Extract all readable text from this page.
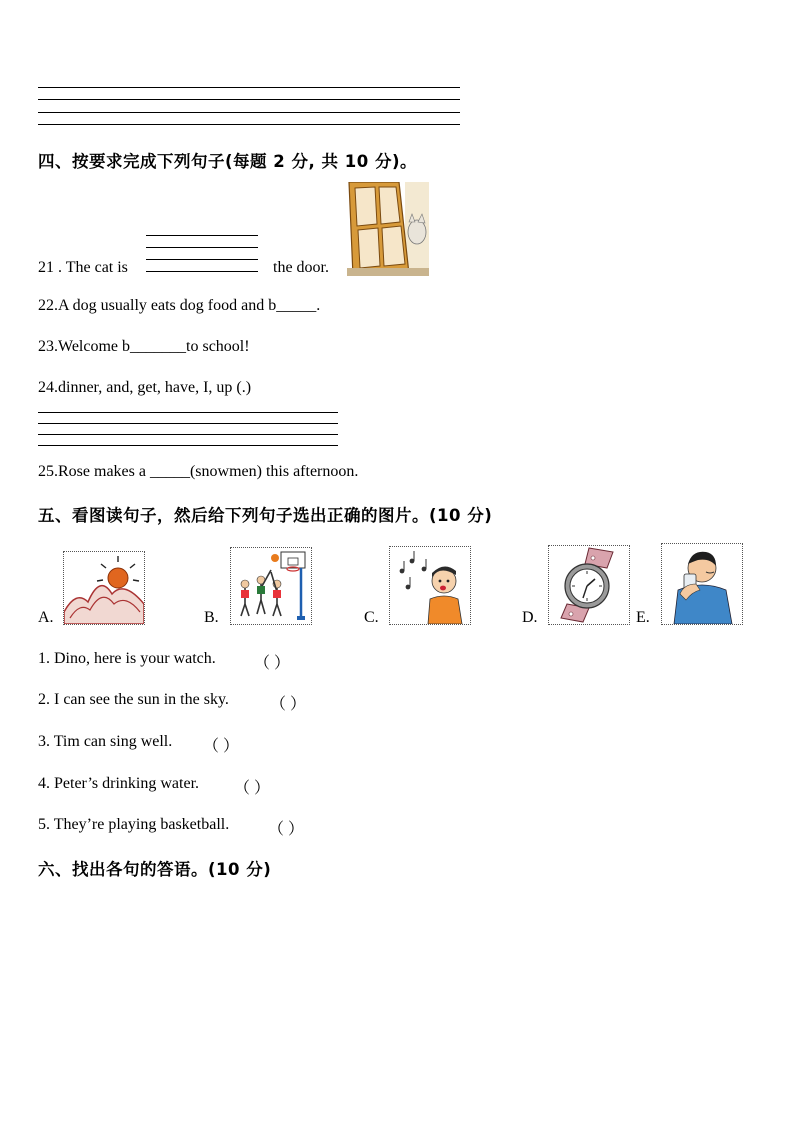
四、按要求完成下列句子(每题 2 分, 共 10 分)。
21 . The cat is	the door.
22.A dog usually eats dog food and b_____.
23.Welcome b_______to school!
24.dinner, and, get, have, I, up (.)
25.Rose makes a _____(snowmen) this afternoon.
五、看图读句子，然后给下列句子选出正确的图片。(10 分)
A.	B.	C.	D.	E.
1. Dino, here is your watch. （ ）
2. I can see the sun in the sky.	（ ）
3. Tim can sing well. （ ）
4. Peter’s drinking water. （ ）
5. They’re playing basketball. （ ）
六、找出各句的答语。(10 分)
